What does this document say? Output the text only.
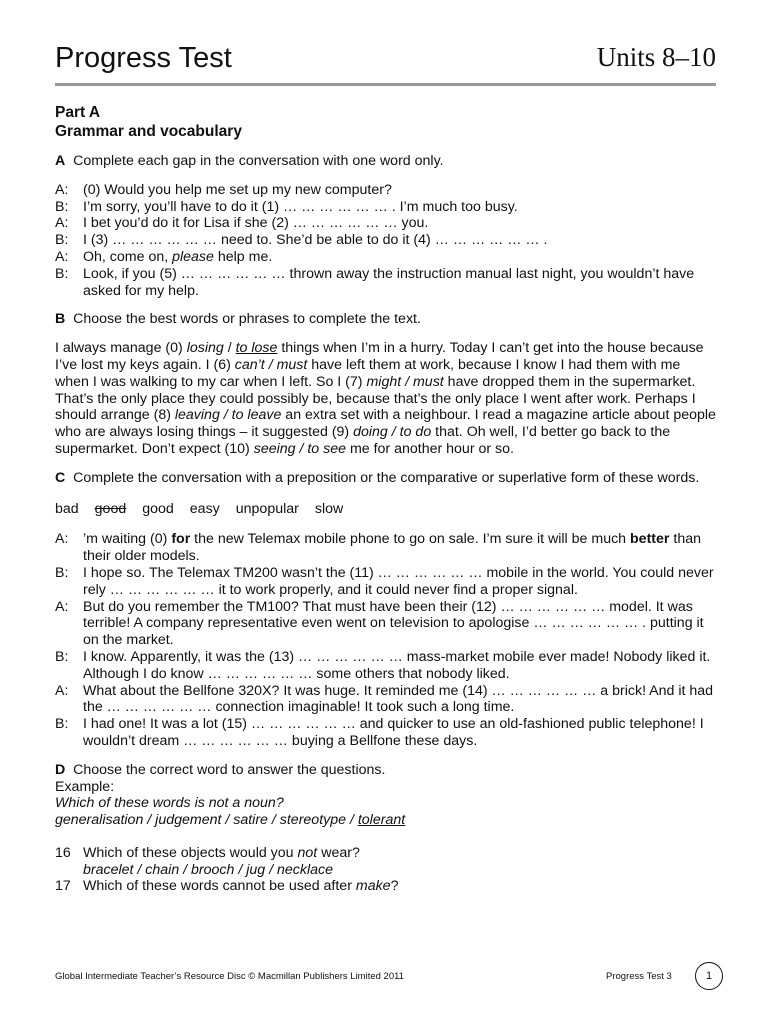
Progress Test	Units 8–10
Part A
Grammar and vocabulary
A Complete each gap in the conversation with one word only.
A:	(0) Would you help me set up my new computer?
B:	I’m sorry, you’ll have to do it (1) … … … … … … . I’m much too busy.
A:	I bet you’d do it for Lisa if she (2) … … … … … … you.
B:	I (3) … … … … … … need to. She’d be able to do it (4) … … … … … … .
A:	Oh, come on, please help me.
B:	Look, if you (5) … … … … … … thrown away the instruction manual last night, you wouldn’t have asked for my help.
B Choose the best words or phrases to complete the text.
I always manage (0) losing / to lose things when I’m in a hurry. Today I can’t get into the house because I’ve lost my keys again. I (6) can’t / must have left them at work, because I know I had them with me when I was walking to my car when I left. So I (7) might / must have dropped them in the supermarket. That’s the only place they could possibly be, because that’s the only place I went after work. Perhaps I should arrange (8) leaving / to leave an extra set with a neighbour. I read a magazine article about people who are always losing things – it suggested (9) doing / to do that. Oh well, I’d better go back to the supermarket. Don’t expect (10) seeing / to see me for another hour or so.
C Complete the conversation with a preposition or the comparative or superlative form of these words.
bad good good easy unpopular slow
A:	’m waiting (0) for the new Telemax mobile phone to go on sale. I’m sure it will be much better than their older models.
B:	I hope so. The Telemax TM200 wasn’t the (11) … … … … … … mobile in the world. You could never rely … … … … … … it to work properly, and it could never find a proper signal.
A:	But do you remember the TM100? That must have been their (12) … … … … … … model. It was terrible! A company representative even went on television to apologise … … … … … … . putting it on the market.
B:	I know. Apparently, it was the (13) … … … … … … mass-market mobile ever made! Nobody liked it. Although I do know … … … … … … some others that nobody liked.
A:	What about the Bellfone 320X? It was huge. It reminded me (14) … … … … … … a brick! And it had the … … … … … … connection imaginable! It took such a long time.
B:	I had one! It was a lot (15) … … … … … … and quicker to use an old-fashioned public telephone! I wouldn’t dream … … … … … … buying a Bellfone these days.
D Choose the correct word to answer the questions.
Example:
Which of these words is not a noun?
generalisation / judgement / satire / stereotype / tolerant
16 Which of these objects would you not wear?
bracelet / chain / brooch / jug / necklace
17 Which of these words cannot be used after make?
Global Intermediate Teacher’s Resource Disc © Macmillan Publishers Limited 2011	Progress Test 3	1
